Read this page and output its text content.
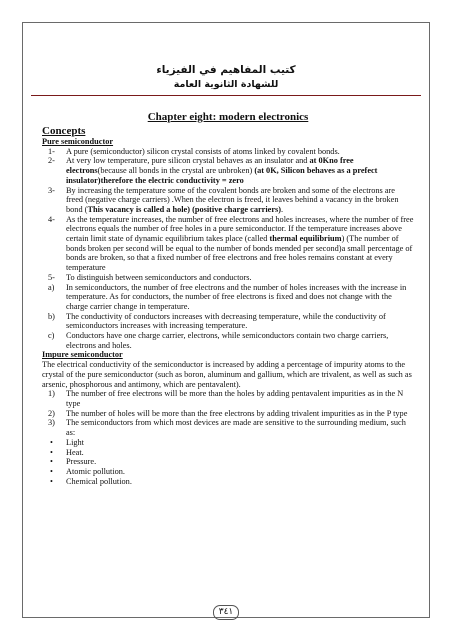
كتيب المفاهيم في الفيزياء
للشهادة الثانوية العامة
Chapter eight: modern electronics
Concepts
Pure semiconductor
1-	A pure (semiconductor) silicon crystal consists of atoms linked by covalent bonds.
2-	At very low temperature, pure silicon crystal behaves as an insulator and at 0Kno free electrons(because all bonds in the crystal are unbroken) (at 0K, Silicon behaves as a prefect insulator)therefore the electric conductivity = zero
3-	By increasing the temperature some of the covalent bonds are broken and some of the electrons are freed (negative charge carriers) .When the electron is freed, it leaves behind a vacancy in the broken bond (This vacancy is called a hole) (positive charge carriers).
4-	As the temperature increases, the number of free electrons and holes increases, where the number of free electrons equals the number of free holes in a pure semiconductor. If the temperature increases above certain limit state of dynamic equilibrium takes place (called thermal equilibrium) (The number of bonds broken per second will be equal to the number of bonds mended per second)a small percentage of bonds are broken, so that a fixed number of free electrons and free holes remains constant at every temperature
5-	To distinguish between semiconductors and conductors.
a)	In semiconductors, the number of free electrons and the number of holes increases with the increase in temperature. As for conductors, the number of free electrons is fixed and does not change with the charge carrier change in temperature.
b)	The conductivity of conductors increases with decreasing temperature, while the conductivity of semiconductors increases with increasing temperature.
c)	Conductors have one charge carrier, electrons, while semiconductors contain two charge carriers, electrons and holes.
Impure semiconductor
The electrical conductivity of the semiconductor is increased by adding a percentage of impurity atoms to the crystal of the pure semiconductor (such as boron, aluminum and gallium, which are trivalent, as well as such as arsenic, phosphorous and antimony, which are pentavalent).
1)	The number of free electrons will be more than the holes by adding pentavalent impurities as in the N type
2)	The number of holes will be more than the free electrons by adding trivalent impurities as in the P type
3)	The semiconductors from which most devices are made are sensitive to the surrounding medium, such as:
•	Light
•	Heat.
•	Pressure.
•	Atomic pollution.
•	Chemical pollution.
٣٤١
